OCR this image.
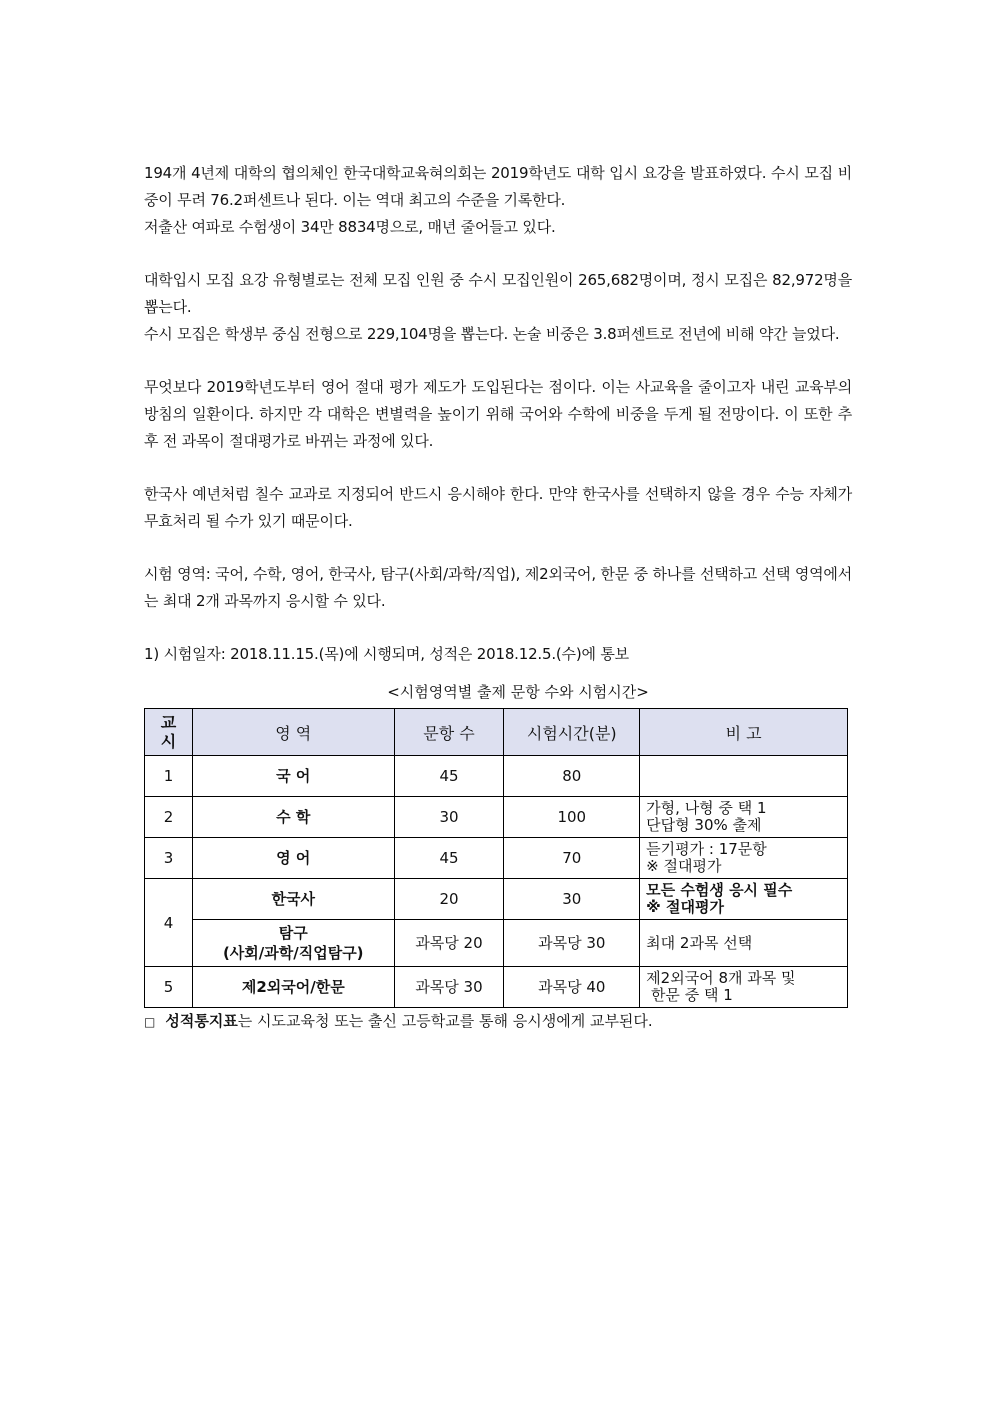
194개 4년제 대학의 협의체인 한국대학교육혀의회는 2019학년도 대학 입시 요강을 발표하였다. 수시 모집 비중이 무려 76.2퍼센트나 된다. 이는 역대 최고의 수준을 기록한다.

저출산 여파로 수험생이 34만 8834명으로, 매년 줄어들고 있다.

대학입시 모집 요강 유형별로는 전체 모집 인원 중 수시 모집인원이 265,682명이며, 정시 모집은 82,972명을 뽑는다.

수시 모집은 학생부 중심 전형으로 229,104명을 뽑는다. 논술 비중은 3.8퍼센트로 전년에 비해 약간 늘었다.

무엇보다 2019학년도부터 영어 절대 평가 제도가 도입된다는 점이다. 이는 사교육을 줄이고자 내린 교육부의 방침의 일환이다. 하지만 각 대학은 변별력을 높이기 위해 국어와 수학에 비중을 두게 될 전망이다. 이 또한 추후 전 과목이 절대평가로 바뀌는 과정에 있다.

한국사 예년처럼 칠수 교과로 지정되어 반드시 응시해야 한다. 만약 한국사를 선택하지 않을 경우 수능 자체가 무효처리 될 수가 있기 때문이다.

시험 영역: 국어, 수학, 영어, 한국사, 탐구(사회/과학/직업), 제2외국어, 한문 중 하나를 선택하고 선택 영역에서는 최대 2개 과목까지 응시할 수 있다.

1) 시험일자: 2018.11.15.(목)에 시행되며, 성적은 2018.12.5.(수)에 통보

<시험영역별 출제 문항 수와 시험시간>
교
시	영 역	문항 수	시험시간(분)	비 고
1	국 어	45	80	
2	수 학	30	100	가형, 나형 중 택 1
단답형 30% 출제

3	영 어	45	70	듣기평가 : 17문항
※ 절대평가

4	한국사	20	30	모든 수험생 응시 필수
※ 절대평가

	탐구
(사회/과학/직업탐구)	과목당 20	과목당 30	최대 2과목 선택
5	제2외국어/한문	과목당 30	과목당 40	제2외국어 8개 과목 및
한문 중 택 1
□ 성적통지표는 시도교육청 또는 출신 고등학교를 통해 응시생에게 교부된다.
